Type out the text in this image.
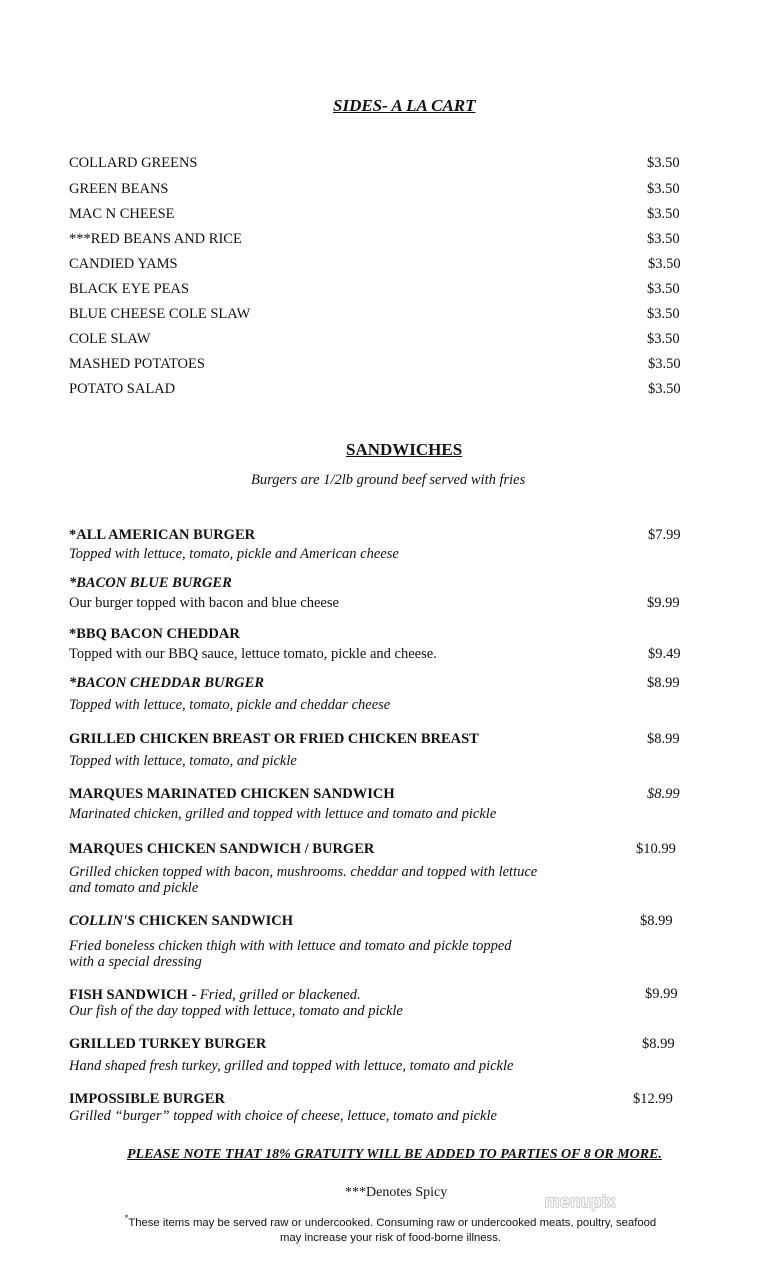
SIDES- A LA CART
COLLARD GREENS	$3.50
GREEN BEANS	$3.50
MAC N CHEESE	$3.50
***RED BEANS AND RICE	$3.50
CANDIED YAMS	$3.50
BLACK EYE PEAS	$3.50
BLUE CHEESE COLE SLAW	$3.50
COLE SLAW	$3.50
MASHED POTATOES	$3.50
POTATO SALAD	$3.50
SANDWICHES
Burgers are 1/2lb ground beef served with fries
*ALL AMERICAN BURGER	$7.99
Topped with lettuce, tomato, pickle and American cheese
*BACON BLUE BURGER
Our burger topped with bacon and blue cheese	$9.99
*BBQ BACON CHEDDAR
Topped with our BBQ sauce, lettuce tomato, pickle and cheese.	$9.49
*BACON CHEDDAR BURGER	$8.99
Topped with lettuce, tomato, pickle and cheddar cheese
GRILLED CHICKEN BREAST OR FRIED CHICKEN BREAST	$8.99
Topped with lettuce, tomato, and pickle
MARQUES MARINATED CHICKEN SANDWICH	$8.99
Marinated chicken, grilled and topped with lettuce and tomato and pickle
MARQUES CHICKEN SANDWICH / BURGER	$10.99
Grilled chicken topped with bacon, mushrooms. cheddar and topped with lettuce
and tomato and pickle
COLLIN'S CHICKEN SANDWICH	$8.99
Fried boneless chicken thigh with with lettuce and tomato and pickle topped
with a special dressing
FISH SANDWICH - Fried, grilled or blackened.	$9.99
Our fish of the day topped with lettuce, tomato and pickle
GRILLED TURKEY BURGER	$8.99
Hand shaped fresh turkey, grilled and topped with lettuce, tomato and pickle
IMPOSSIBLE BURGER	$12.99
Grilled “burger” topped with choice of cheese, lettuce, tomato and pickle
PLEASE NOTE THAT 18% GRATUITY WILL BE ADDED TO PARTIES OF 8 OR MORE.
***Denotes Spicy	menupix
*These items may be served raw or undercooked. Consuming raw or undercooked meats, poultry, seafood
may increase your risk of food-borne illness.
